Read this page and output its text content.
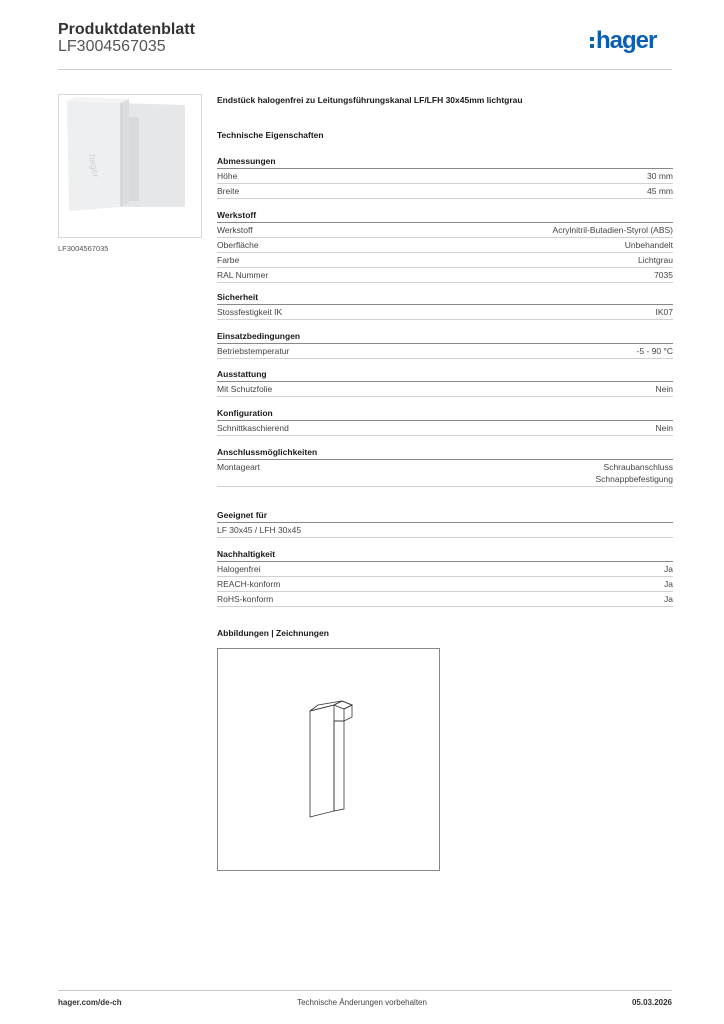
Produktdatenblatt
LF3004567035	hager
hager
LF3004567035
Endstück halogenfrei zu Leitungsführungskanal LF/LFH 30x45mm lichtgrau
Technische Eigenschaften
Abmessungen
Höhe	30 mm
Breite	45 mm
Werkstoff
Werkstoff	Acrylnitril-Butadien-Styrol (ABS)
Oberfläche	Unbehandelt
Farbe	Lichtgrau
RAL Nummer	7035
Sicherheit
Stossfestigkeit IK	IK07
Einsatzbedingungen
Betriebstemperatur	-5 - 90 °C
Ausstattung
Mit Schutzfolie	Nein
Konfiguration
Schnittkaschierend	Nein
Anschlussmöglichkeiten
Montageart	Schraubanschluss
Schnappbefestigung
Geeignet für
LF 30x45 / LFH 30x45
Nachhaltigkeit
Halogenfrei	Ja
REACH-konform	Ja
RoHS-konform	Ja
Abbildungen | Zeichnungen
hager.com/de-ch	Technische Änderungen vorbehalten	05.03.2026
